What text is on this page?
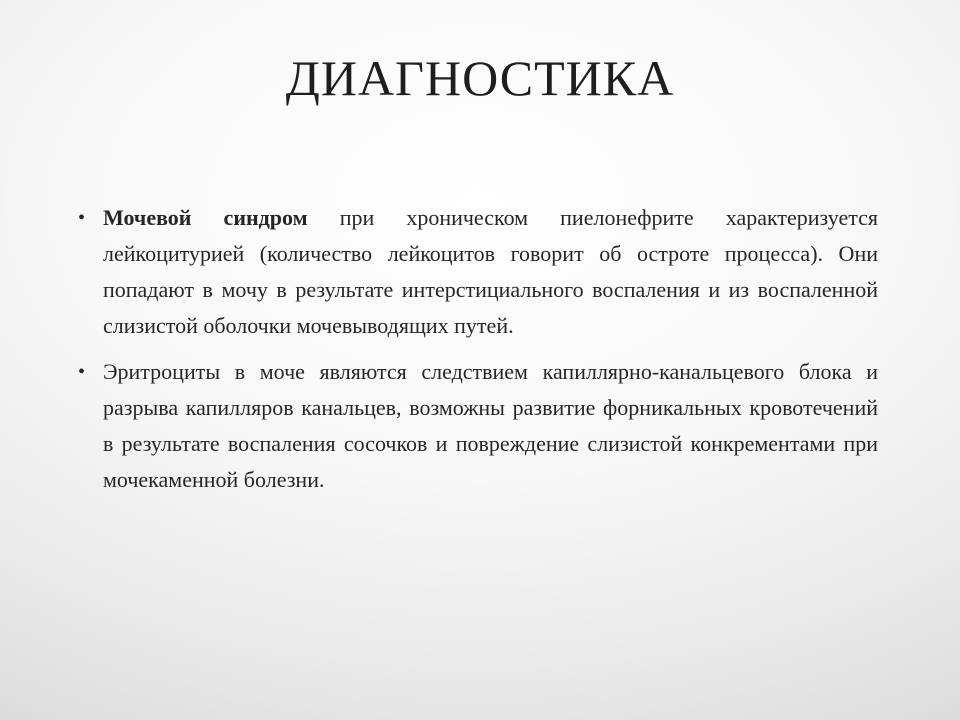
ДИАГНОСТИКА
• Мочевой синдром при хроническом пиелонефрите характеризуется лейкоцитурией (количество лейкоцитов говорит об остроте процесса). Они попадают в мочу в результате интерстициального воспаления и из воспаленной слизистой оболочки мочевыводящих путей.
• Эритроциты в моче являются следствием капиллярно-канальцевого блока и разрыва капилляров канальцев, возможны развитие форникальных кровотечений в результате воспаления сосочков и повреждение слизистой конкрементами при мочекаменной болезни.
